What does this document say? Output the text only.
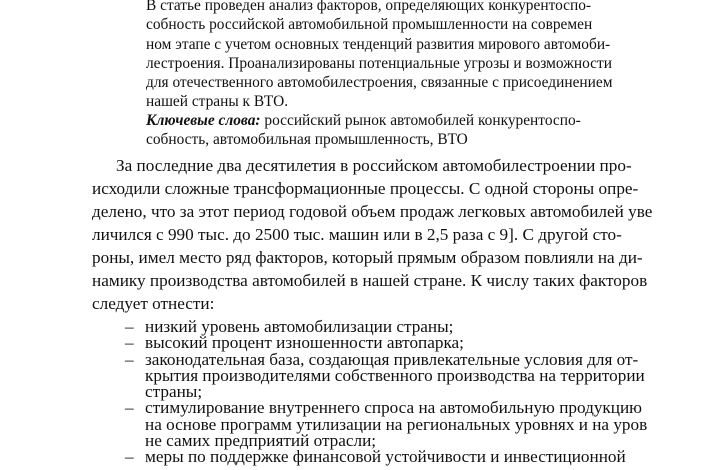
В статье проведен анализ факторов, определяющих конкурентоспо-
собность российской автомобильной промышленности на современ
ном этапе с учетом основных тенденций развития мирового автомоби-
лестроения. Проанализированы потенциальные угрозы и возможности
для отечественного автомобилестроения, связанные с присоединением
нашей страны к ВТО.
Ключевые слова: российский рынок автомобилей конкурентоспо-
собность, автомобильная промышленность, ВТО
За последние два десятилетия в российском автомобилестроении про-
исходили сложные трансформационные процессы. С одной стороны опре-
делено, что за этот период годовой объем продаж легковых автомобилей уве
личился с 990 тыс. до 2500 тыс. машин или в 2,5 раза с 9]. С другой сто-
роны, имел место ряд факторов, который прямым образом повлияли на ди-
намику производства автомобилей в нашей стране. К числу таких факторов
следует отнести:
– низкий уровень автомобилизации страны;
– высокий процент изношенности автопарка;
– законодательная база, создающая привлекательные условия для от-
крытия производителями собственного производства на территории
страны;
– стимулирование внутреннего спроса на автомобильную продукцию
на основе программ утилизации на региональных уровнях и на уров
не самих предприятий отрасли;
– меры по поддержке финансовой устойчивости и инвестиционной
